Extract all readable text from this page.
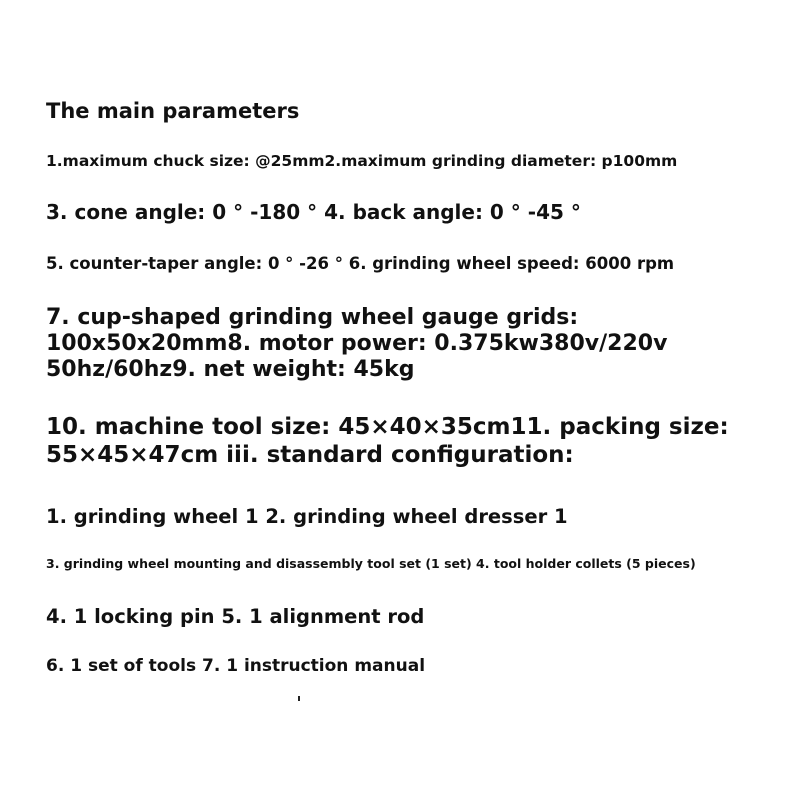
The main parameters

1.maximum chuck size: @25mm2.maximum grinding diameter: p100mm

3. cone angle: 0 ° -180 ° 4. back angle: 0 ° -45 °

5. counter-taper angle: 0 ° -26 ° 6. grinding wheel speed: 6000 rpm

7. cup-shaped grinding wheel gauge grids:
100x50x20mm8. motor power: 0.375kw380v/220v
50hz/60hz9. net weight: 45kg
10. machine tool size: 45×40×35cm11. packing size:
55×45×47cm iii. standard configuration:

1. grinding wheel 1 2. grinding wheel dresser 1

3. grinding wheel mounting and disassembly tool set (1 set) 4. tool holder collets (5 pieces)

4. 1 locking pin 5. 1 alignment rod

6. 1 set of tools 7. 1 instruction manual
